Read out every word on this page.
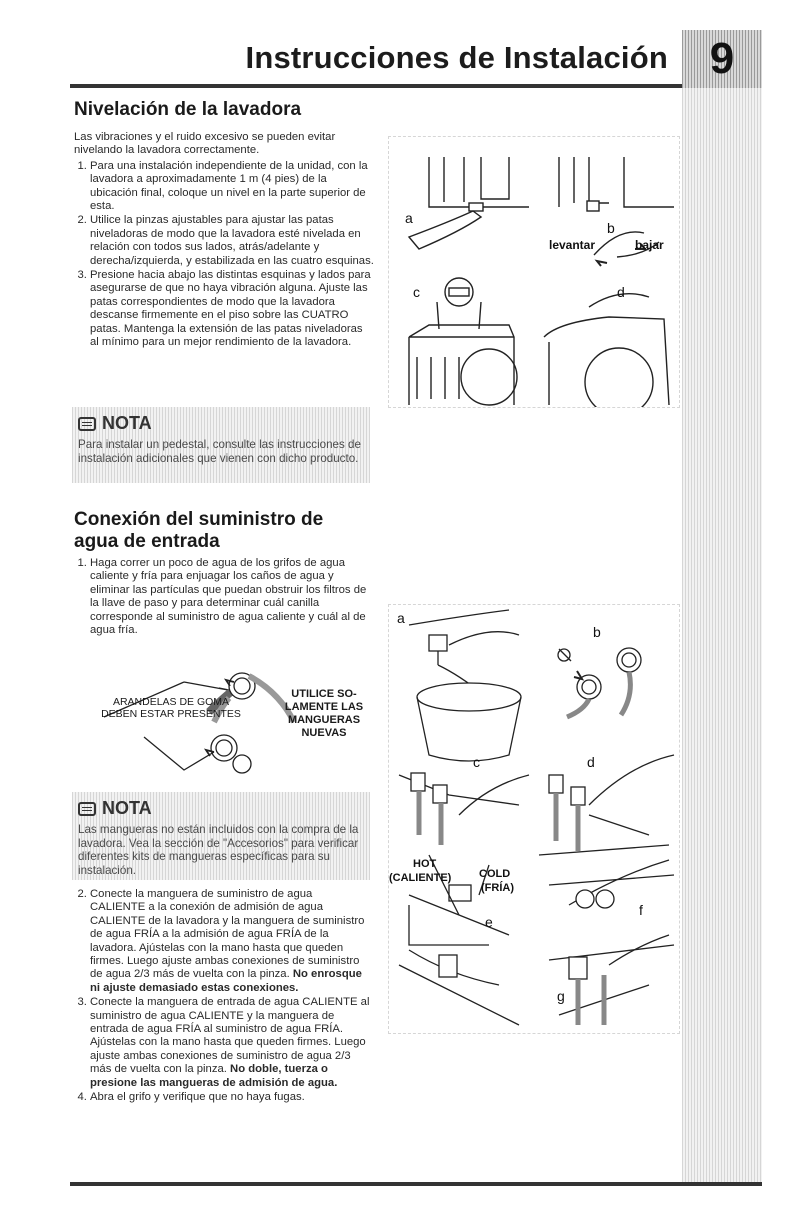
Instrucciones de Instalación 9
Nivelación de la lavadora
Las vibraciones y el ruido excesivo se pueden evitar nivelando la lavadora correctamente.
1. Para una instalación independiente de la unidad, con la lavadora a aproximadamente 1 m (4 pies) de la ubicación final, coloque un nivel en la parte superior de esta.
2. Utilice la pinzas ajustables para ajustar las patas niveladoras de modo que la lavadora esté nivelada en relación con todos sus lados, atrás/adelante y derecha/izquierda, y estabilizada en las cuatro esquinas.
3. Presione hacia abajo las distintas esquinas y lados para asegurarse de que no haya vibración alguna. Ajuste las patas correspondientes de modo que la lavadora descanse firmemente en el piso sobre las CUATRO patas. Mantenga la extensión de las patas niveladoras al mínimo para un mejor rendimiento de la lavadora.
NOTA
Para instalar un pedestal, consulte las instrucciones de instalación adicionales que vienen con dicho producto.
a
b
levantar	bajar
c	d
Conexión del suministro de
agua de entrada
1. Haga correr un poco de agua de los grifos de agua caliente y fría para enjuagar los caños de agua y eliminar las partículas que puedan obstruir los filtros de la llave de paso y para determinar cuál canilla corresponde al suministro de agua caliente y cuál al de agua fría.
ARANDELAS DE GOMA
DEBEN ESTAR PRESENTES
UTILICE SO-
LAMENTE LAS
MANGUERAS
NUEVAS
NOTA
Las mangueras no están incluidos con la compra de la lavadora. Vea la sección de "Accesorios" para verificar diferentes kits de mangueras específicas para su instalación.
2. Conecte la manguera de suministro de agua CALIENTE a la conexión de admisión de agua CALIENTE de la lavadora y la manguera de suministro de agua FRÍA a la admisión de agua FRÍA de la lavadora. Ajústelas con la mano hasta que queden firmes. Luego ajuste ambas conexiones de suministro de agua 2/3 más de vuelta con la pinza. No enrosque ni ajuste demasiado estas conexiones.
3. Conecte la manguera de entrada de agua CALIENTE al suministro de agua CALIENTE y la manguera de entrada de agua FRÍA al suministro de agua FRÍA. Ajústelas con la mano hasta que queden firmes. Luego ajuste ambas conexiones de suministro de agua 2/3 más de vuelta con la pinza. No doble, tuerza o presione las mangueras de admisión de agua.
4. Abra el grifo y verifique que no haya fugas.
a
b
c	d
HOT
(CALIENTE)	COLD
(FRÍA)
e
f
g
